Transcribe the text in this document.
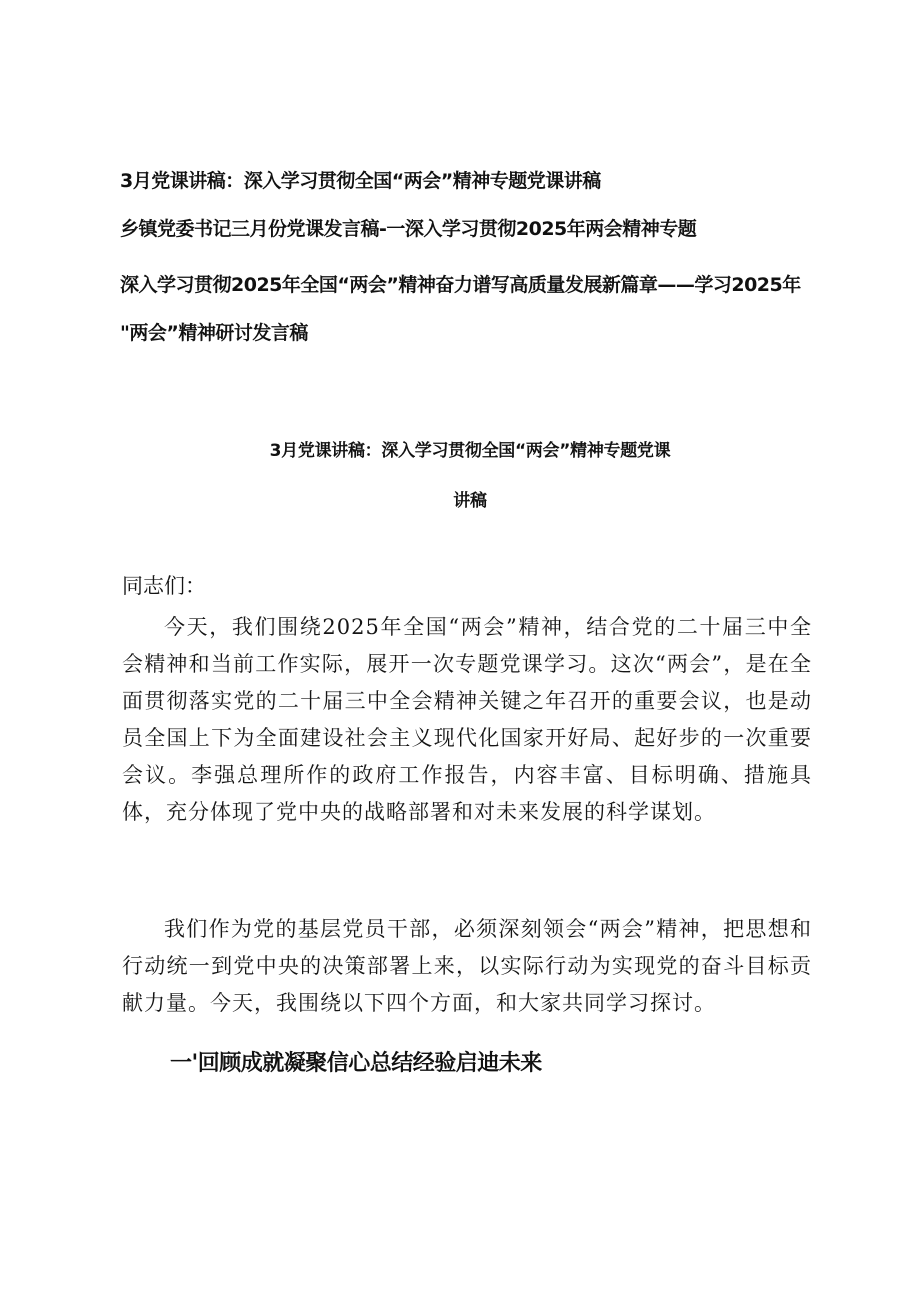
3月党课讲稿：深入学习贯彻全国“两会”精神专题党课讲稿
乡镇党委书记三月份党课发言稿-一深入学习贯彻2025年两会精神专题
深入学习贯彻2025年全国“两会”精神奋力谱写高质量发展新篇章——学习2025年
"两会”精神研讨发言稿
3月党课讲稿：深入学习贯彻全国“两会”精神专题党课
讲稿
同志们：
今天，我们围绕2025年全国“两会”精神，结合党的二十届三中全会精神和当前工作实际，展开一次专题党课学习。这次“两会”，是在全面贯彻落实党的二十届三中全会精神关键之年召开的重要会议，也是动员全国上下为全面建设社会主义现代化国家开好局、起好步的一次重要会议。李强总理所作的政府工作报告，内容丰富、目标明确、措施具体，充分体现了党中央的战略部署和对未来发展的科学谋划。
我们作为党的基层党员干部，必须深刻领会“两会”精神，把思想和行动统一到党中央的决策部署上来，以实际行动为实现党的奋斗目标贡献力量。今天，我围绕以下四个方面，和大家共同学习探讨。
一'回顾成就凝聚信心总结经验启迪未来
